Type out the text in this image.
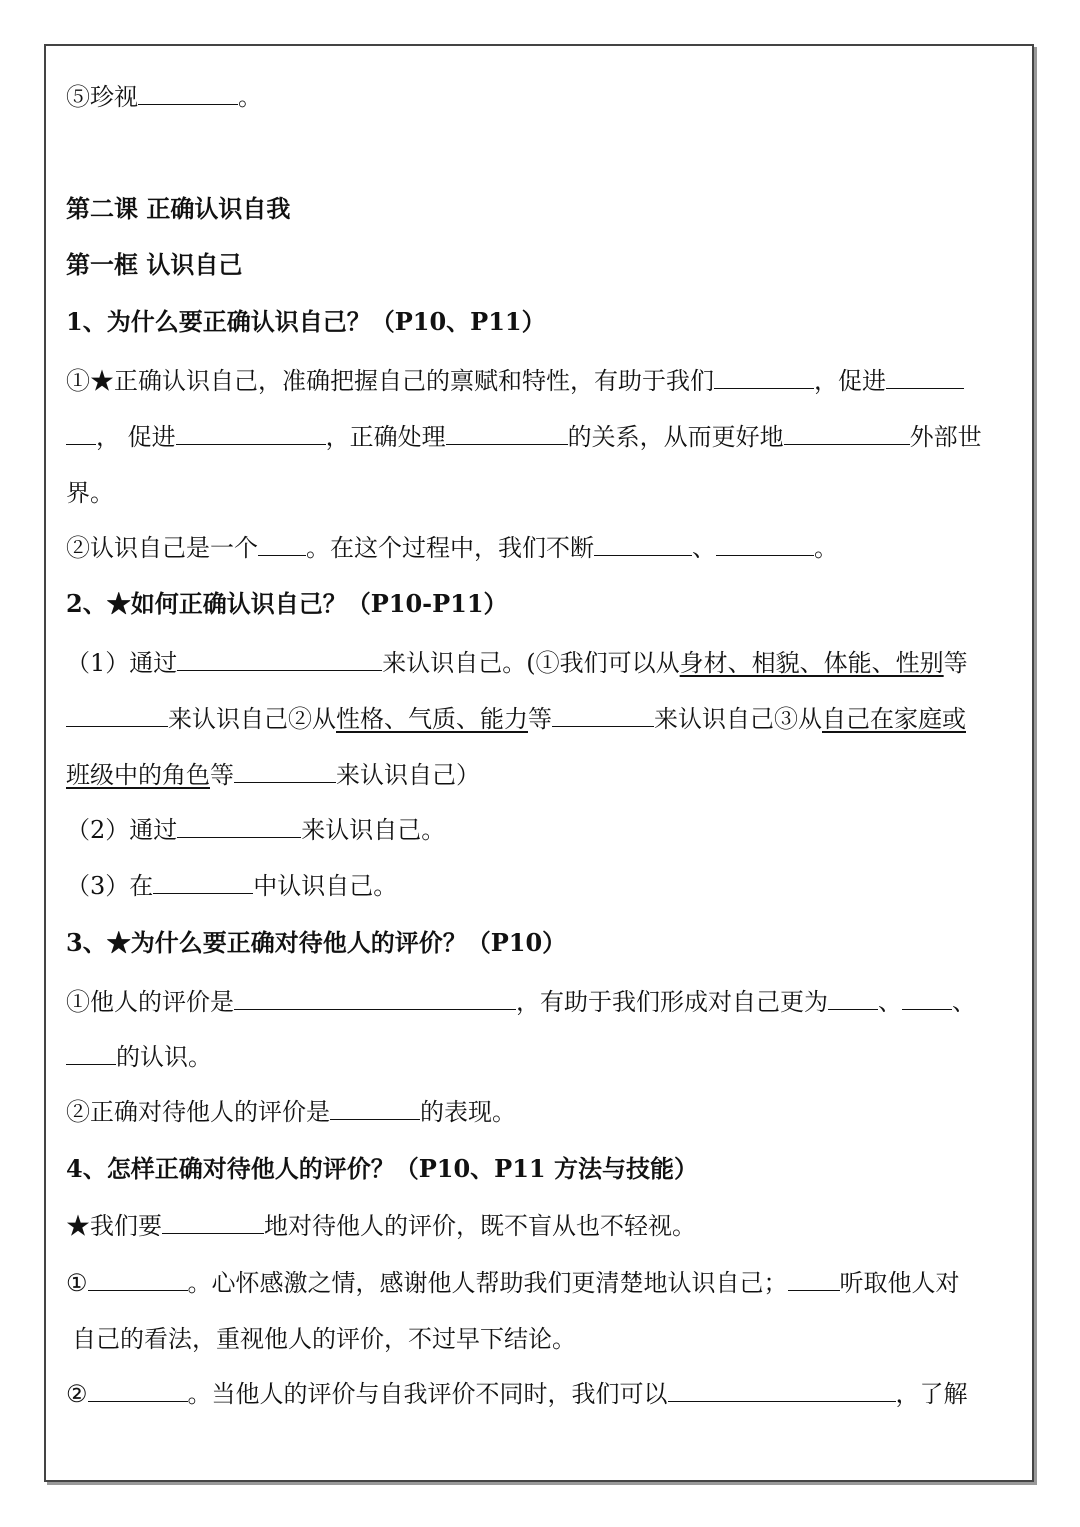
⑤珍视	。
第二课 正确认识自我
第一框 认识自己
1、为什么要正确认识自己？（P10、P11）
①★正确认识自己，准确把握自己的禀赋和特性，有助于我们	，促进
， 促进	，正确处理	的关系，从而更好地	外部世
界。
②认识自己是一个 。在这个过程中，我们不断	、	。
2、★如何正确认识自己？（P10-P11）
（1）通过	来认识自己。(①我们可以从身材、相貌、体能、性别等
来认识自己②从性格、气质、能力等	来认识自己③从自己在家庭或
班级中的角色等	来认识自己）
（2）通过	来认识自己。
（3）在	中认识自己。
3、★为什么要正确对待他人的评价？（P10）
①他人的评价是	，有助于我们形成对自己更为 、 、
的认识。
②正确对待他人的评价是	的表现。
4、怎样正确对待他人的评价？（P10、P11 方法与技能）
★我们要	地对待他人的评价，既不盲从也不轻视。
①	。心怀感激之情，感谢他人帮助我们更清楚地认识自己； 听取他人对
自己的看法，重视他人的评价，不过早下结论。
②	。当他人的评价与自我评价不同时，我们可以	，了解
